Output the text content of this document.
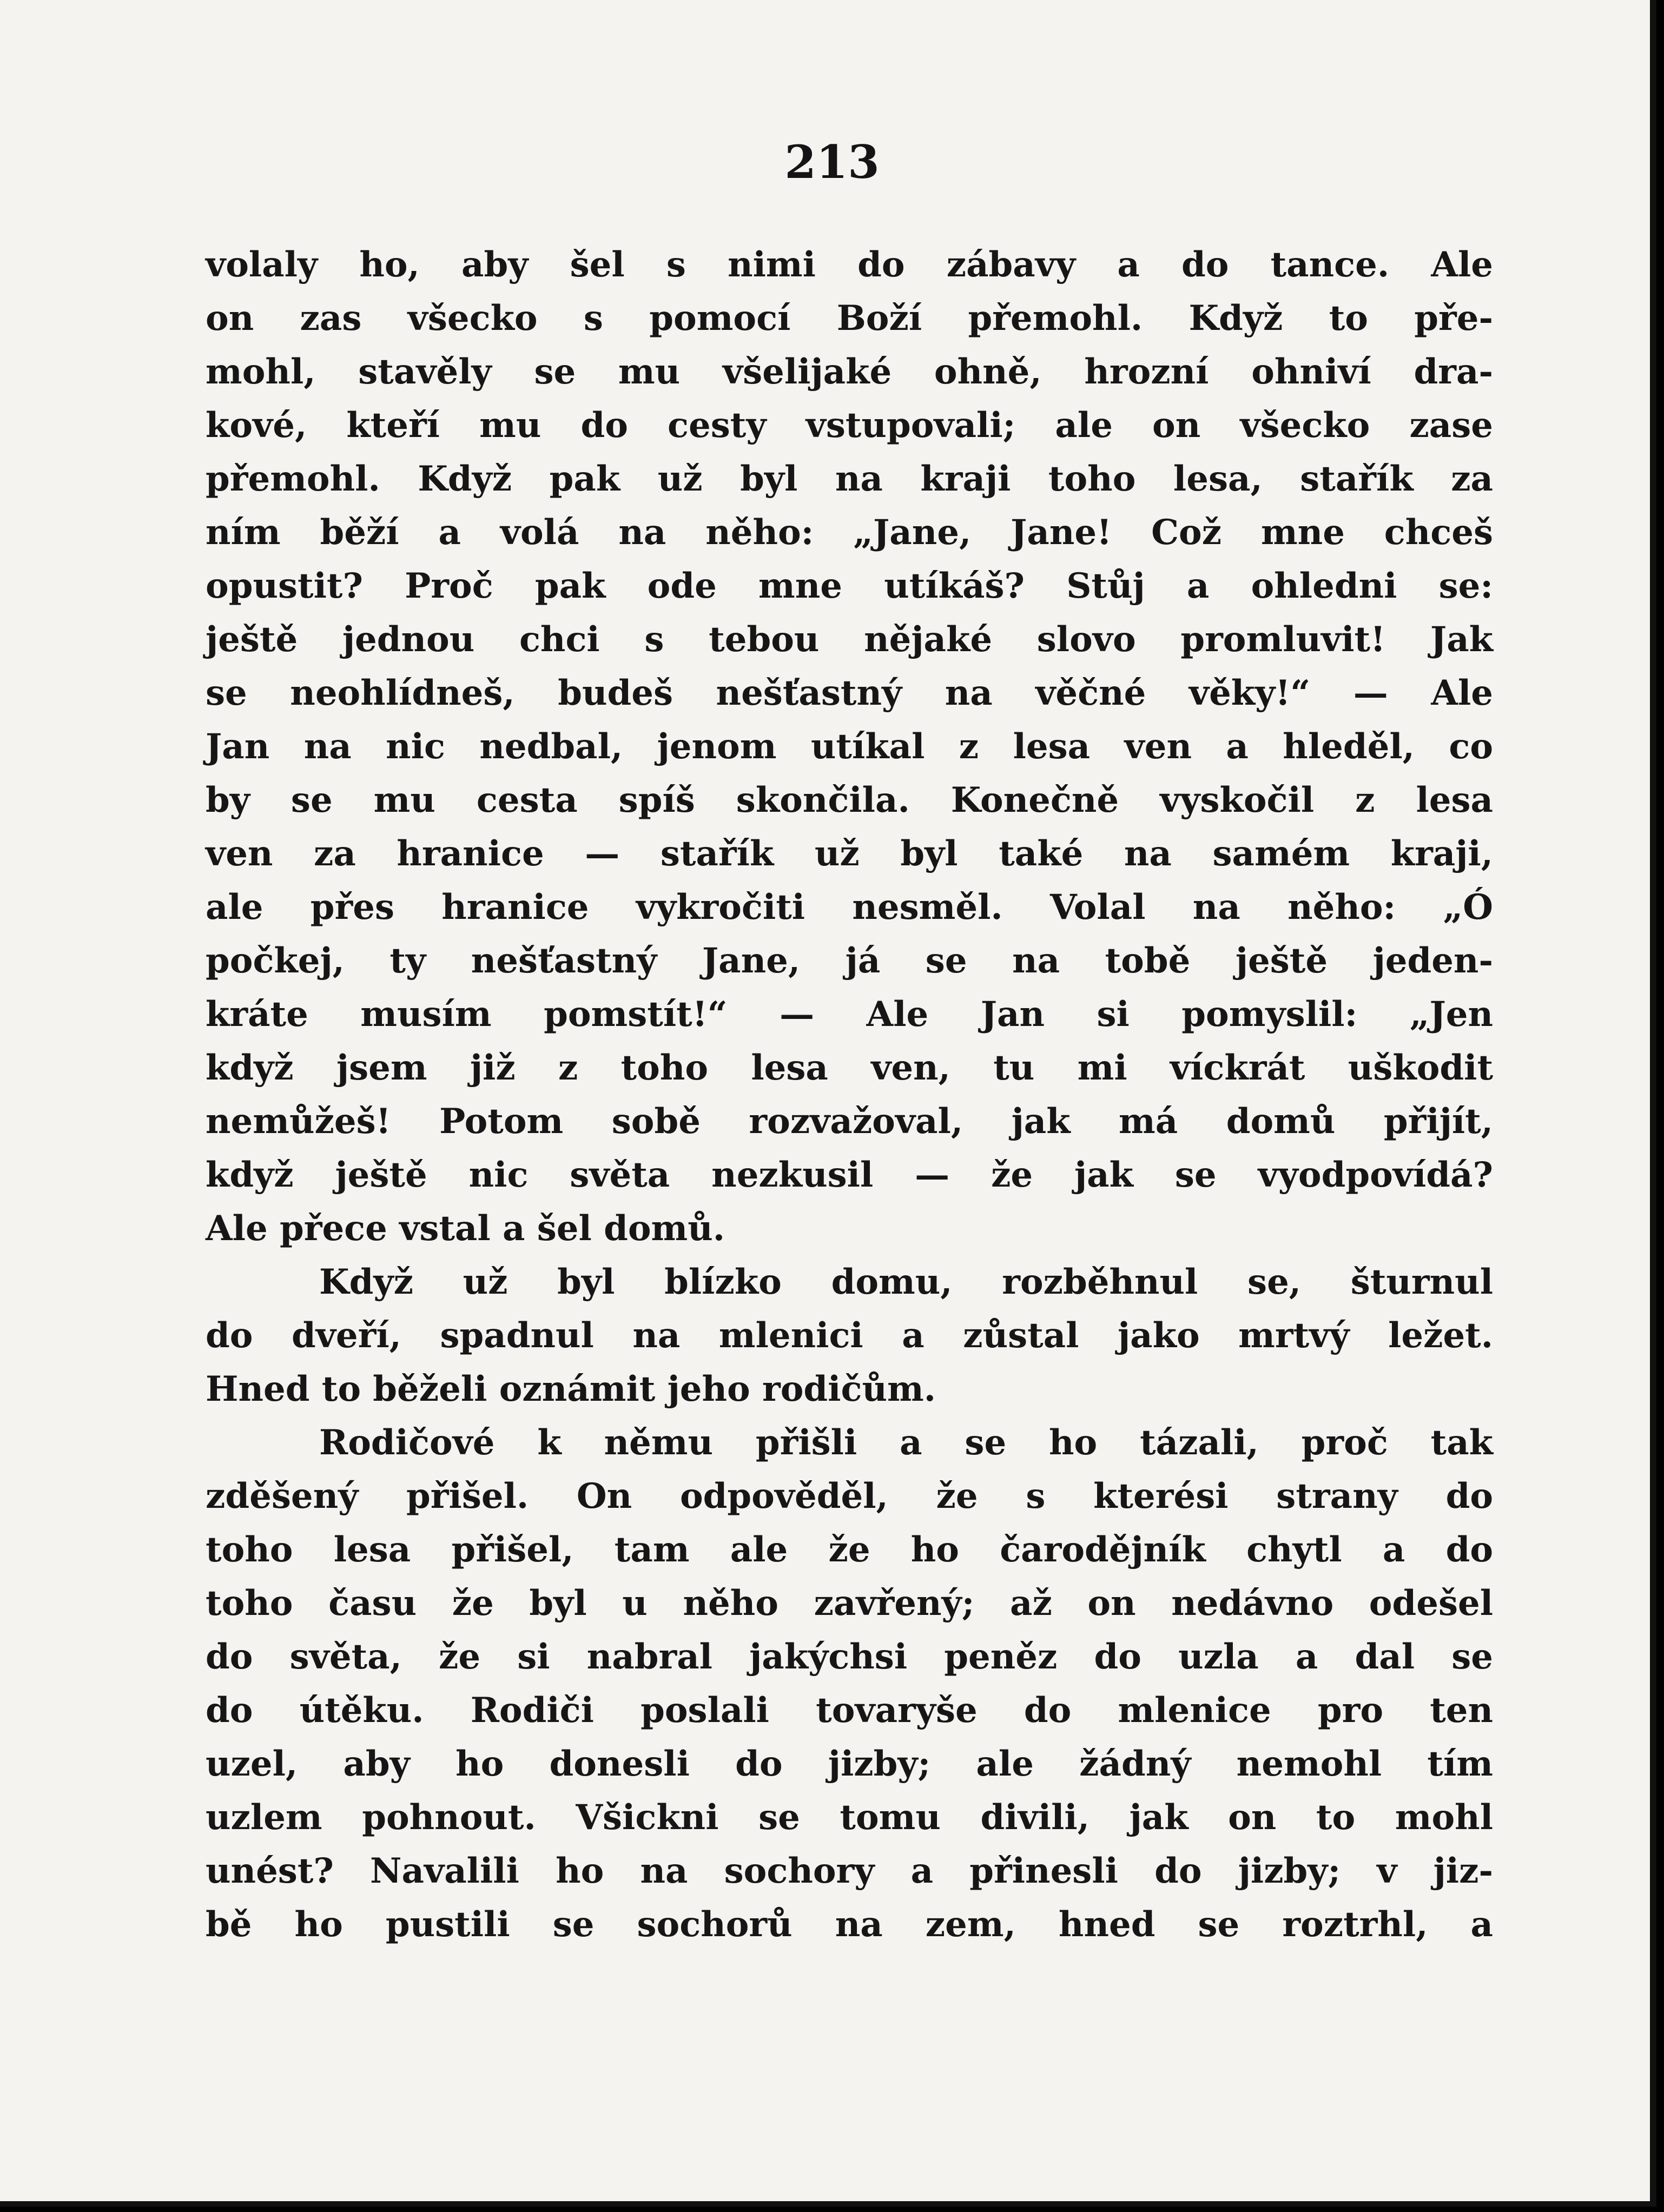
213
volaly ho, aby šel s nimi do zábavy a do tance. Ale
on zas všecko s pomocí Boží přemohl. Když to pře-
mohl, stavěly se mu všelijaké ohně, hrozní ohniví dra-
kové, kteří mu do cesty vstupovali; ale on všecko zase
přemohl. Když pak už byl na kraji toho lesa, stařík za
ním běží a volá na něho: „Jane, Jane! Což mne chceš
opustit? Proč pak ode mne utíkáš? Stůj a ohledni se:
ještě jednou chci s tebou nějaké slovo promluvit! Jak
se neohlídneš, budeš nešťastný na věčné věky!“ — Ale
Jan na nic nedbal, jenom utíkal z lesa ven a hleděl, co
by se mu cesta spíš skončila. Konečně vyskočil z lesa
ven za hranice — stařík už byl také na samém kraji,
ale přes hranice vykročiti nesměl. Volal na něho: „Ó
počkej, ty nešťastný Jane, já se na tobě ještě jeden-
kráte musím pomstít!“ — Ale Jan si pomyslil: „Jen
když jsem již z toho lesa ven, tu mi víckrát uškodit
nemůžeš! Potom sobě rozvažoval, jak má domů přijít,
když ještě nic světa nezkusil — že jak se vyodpovídá?
Ale přece vstal a šel domů.
Když už byl blízko domu, rozběhnul se, šturnul
do dveří, spadnul na mlenici a zůstal jako mrtvý ležet.
Hned to běželi oznámit jeho rodičům.
Rodičové k němu přišli a se ho tázali, proč tak
zděšený přišel. On odpověděl, že s kterési strany do
toho lesa přišel, tam ale že ho čarodějník chytl a do
toho času že byl u něho zavřený; až on nedávno odešel
do světa, že si nabral jakýchsi peněz do uzla a dal se
do útěku. Rodiči poslali tovaryše do mlenice pro ten
uzel, aby ho donesli do jizby; ale žádný nemohl tím
uzlem pohnout. Všickni se tomu divili, jak on to mohl
unést? Navalili ho na sochory a přinesli do jizby; v jiz-
bě ho pustili se sochorů na zem, hned se roztrhl, a
